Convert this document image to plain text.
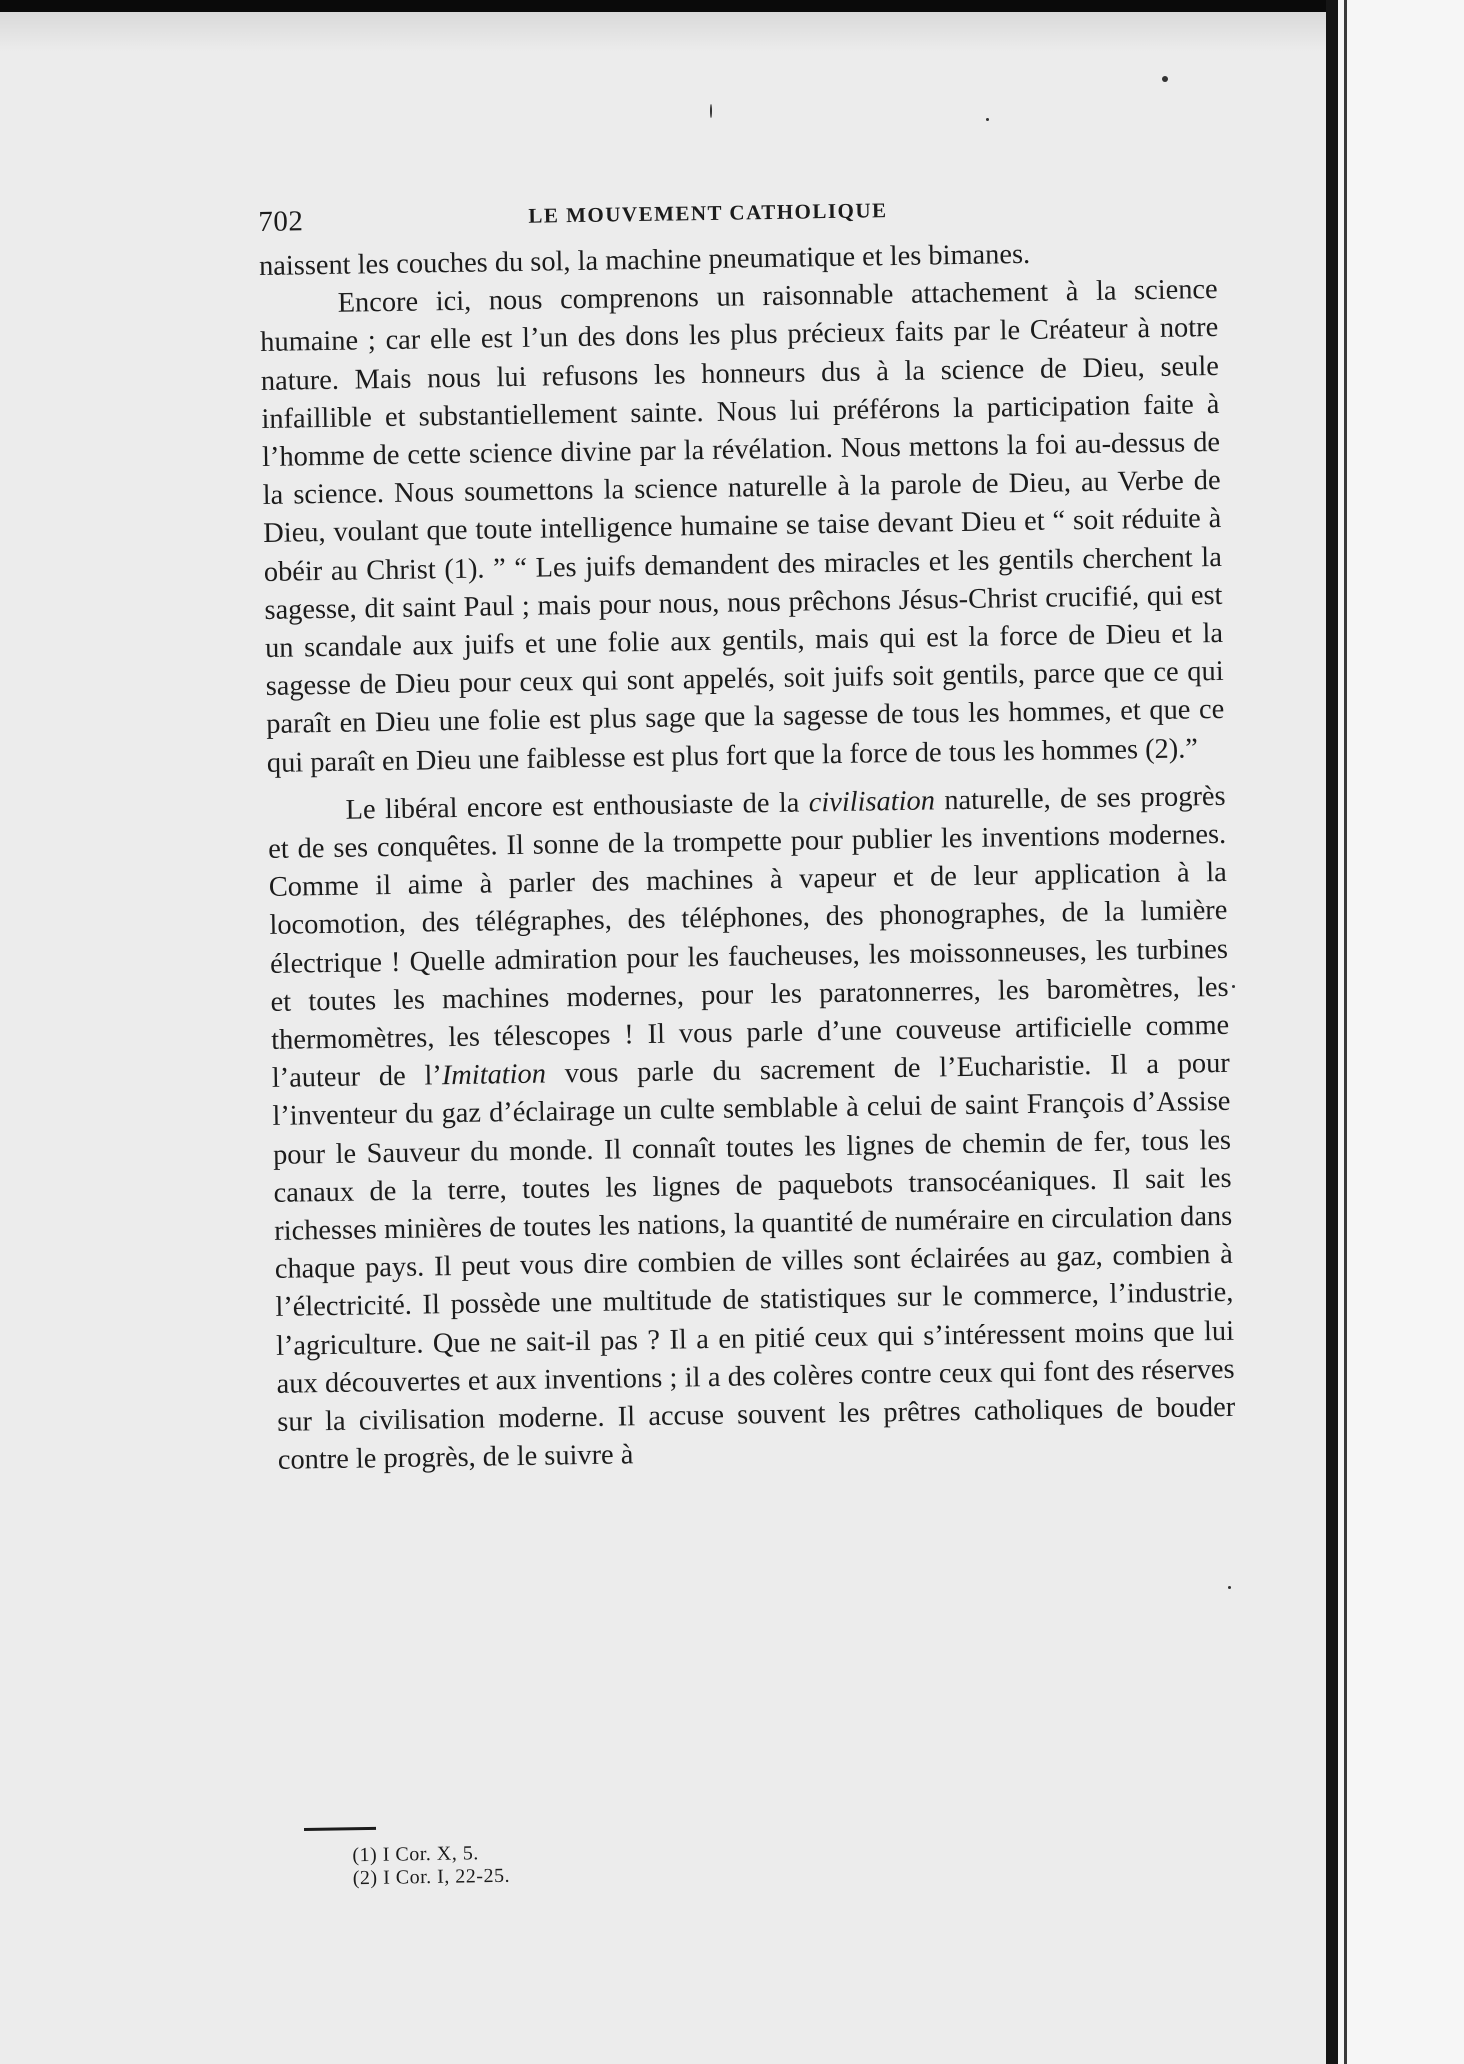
702	LE MOUVEMENT CATHOLIQUE

naissent les couches du sol, la machine pneumatique et les bimanes.

Encore ici, nous comprenons un raisonnable attachement à la science humaine ; car elle est l’un des dons les plus précieux faits par le Créateur à notre nature. Mais nous lui refusons les honneurs dus à la science de Dieu, seule infaillible et substantiellement sainte. Nous lui préférons la participation faite à l’homme de cette science divine par la révélation. Nous mettons la foi au-dessus de la science. Nous soumettons la science naturelle à la parole de Dieu, au Verbe de Dieu, voulant que toute intelligence humaine se taise devant Dieu et “ soit réduite à obéir au Christ (1). ” “ Les juifs demandent des miracles et les gentils cherchent la sagesse, dit saint Paul ; mais pour nous, nous prêchons Jésus-Christ crucifié, qui est un scandale aux juifs et une folie aux gentils, mais qui est la force de Dieu et la sagesse de Dieu pour ceux qui sont appelés, soit juifs soit gentils, parce que ce qui paraît en Dieu une folie est plus sage que la sagesse de tous les hommes, et que ce qui paraît en Dieu une faiblesse est plus fort que la force de tous les hommes (2).”

Le libéral encore est enthousiaste de la civilisation naturelle, de ses progrès et de ses conquêtes. Il sonne de la trompette pour publier les inventions modernes. Comme il aime à parler des machines à vapeur et de leur application à la locomotion, des télégraphes, des téléphones, des phonographes, de la lumière électrique ! Quelle admiration pour les faucheuses, les moissonneuses, les turbines et toutes les machines modernes, pour les paratonnerres, les baromètres, les thermomètres, les télescopes ! Il vous parle d’une couveuse artificielle comme l’auteur de l’Imitation vous parle du sacrement de l’Eucharistie. Il a pour l’inventeur du gaz d’éclairage un culte semblable à celui de saint François d’Assise pour le Sauveur du monde. Il connaît toutes les lignes de chemin de fer, tous les canaux de la terre, toutes les lignes de paquebots transocéaniques. Il sait les richesses minières de toutes les nations, la quantité de numéraire en circulation dans chaque pays. Il peut vous dire combien de villes sont éclairées au gaz, combien à l’électricité. Il possède une multitude de statistiques sur le commerce, l’industrie, l’agriculture. Que ne sait-il pas ? Il a en pitié ceux qui s’intéressent moins que lui aux découvertes et aux inventions ; il a des colères contre ceux qui font des réserves sur la civilisation moderne. Il accuse souvent les prêtres catholiques de bouder contre le progrès, de le suivre à

(1) I Cor. X, 5.
(2) I Cor. I, 22-25.
